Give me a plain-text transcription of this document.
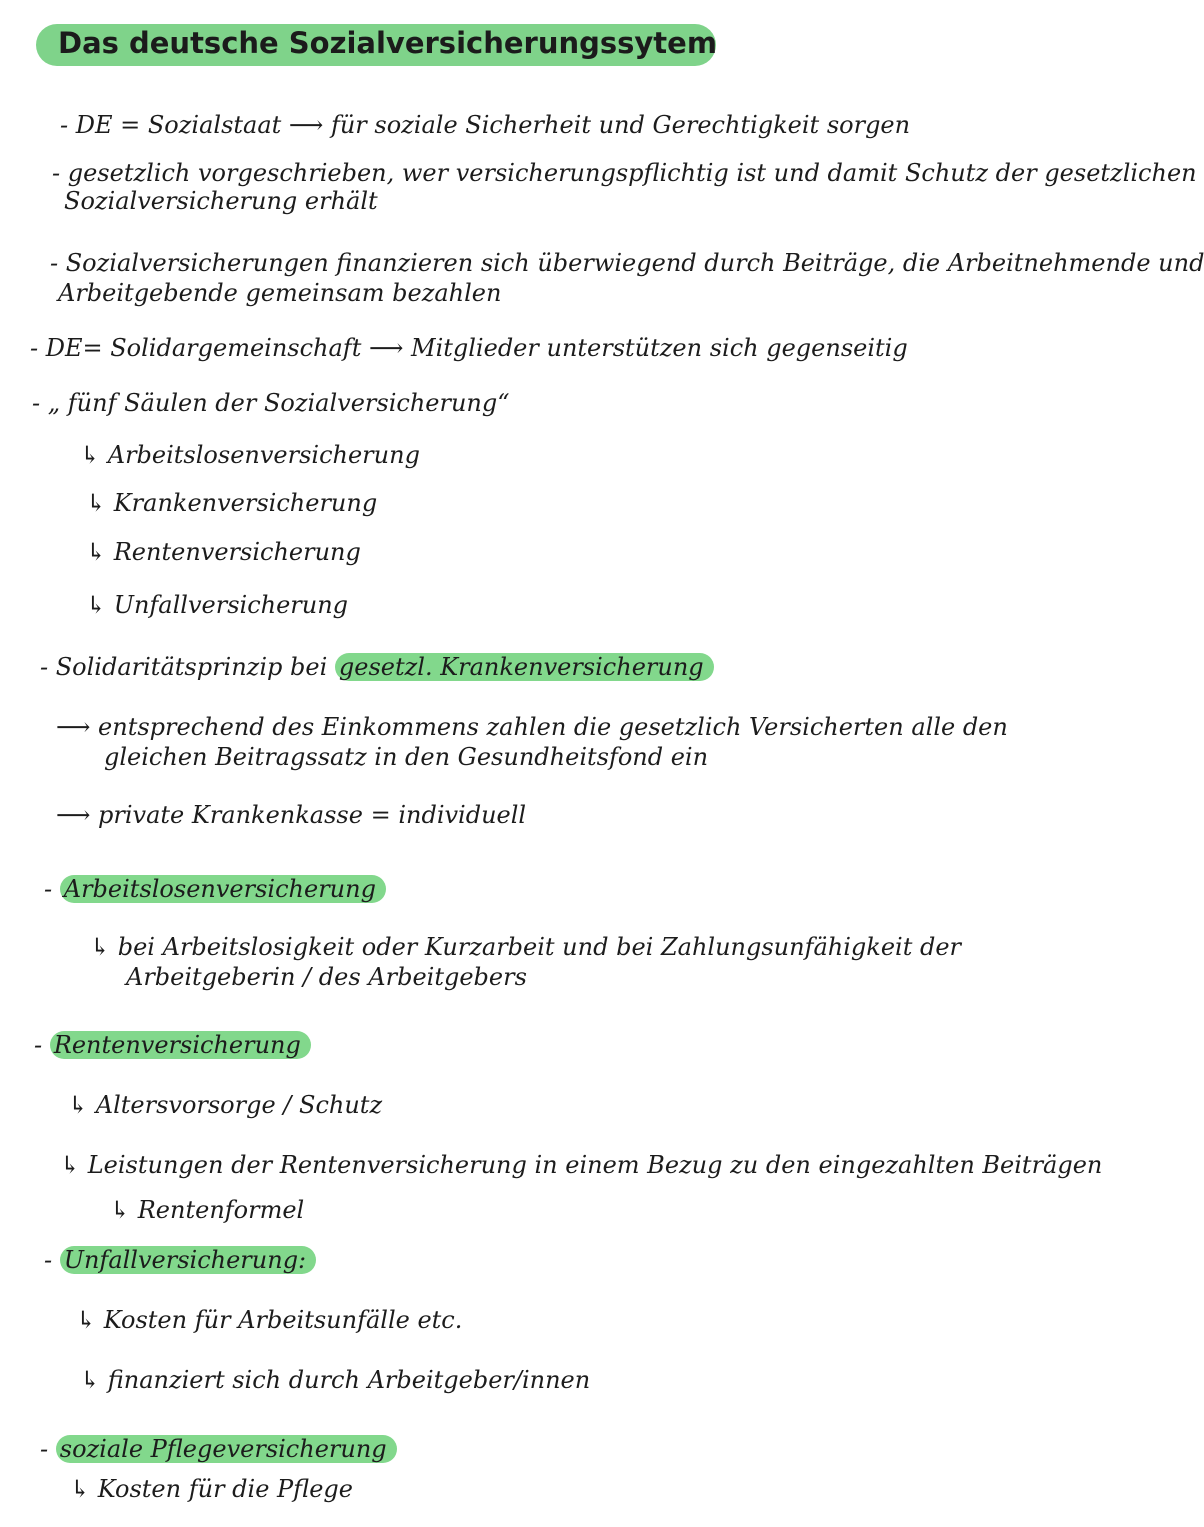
Das deutsche Sozialversicherungssytem
- DE = Sozialstaat ⟶ für soziale Sicherheit und Gerechtigkeit sorgen
- gesetzlich vorgeschrieben, wer versicherungspflichtig ist und damit Schutz der gesetzlichen
Sozialversicherung erhält
- Sozialversicherungen finanzieren sich überwiegend durch Beiträge, die Arbeitnehmende und
Arbeitgebende gemeinsam bezahlen
- DE= Solidargemeinschaft ⟶ Mitglieder unterstützen sich gegenseitig
- „ fünf Säulen der Sozialversicherung“
↳ Arbeitslosenversicherung
↳ Krankenversicherung
↳ Rentenversicherung
↳ Unfallversicherung
- Solidaritätsprinzip bei gesetzl. Krankenversicherung
⟶ entsprechend des Einkommens zahlen die gesetzlich Versicherten alle den
gleichen Beitragssatz in den Gesundheitsfond ein
⟶ private Krankenkasse = individuell
- Arbeitslosenversicherung
↳ bei Arbeitslosigkeit oder Kurzarbeit und bei Zahlungsunfähigkeit der
Arbeitgeberin / des Arbeitgebers
- Rentenversicherung
↳ Altersvorsorge / Schutz
↳ Leistungen der Rentenversicherung in einem Bezug zu den eingezahlten Beiträgen
↳ Rentenformel
- Unfallversicherung:
↳ Kosten für Arbeitsunfälle etc.
↳ finanziert sich durch Arbeitgeber/innen
- soziale Pflegeversicherung
↳ Kosten für die Pflege
